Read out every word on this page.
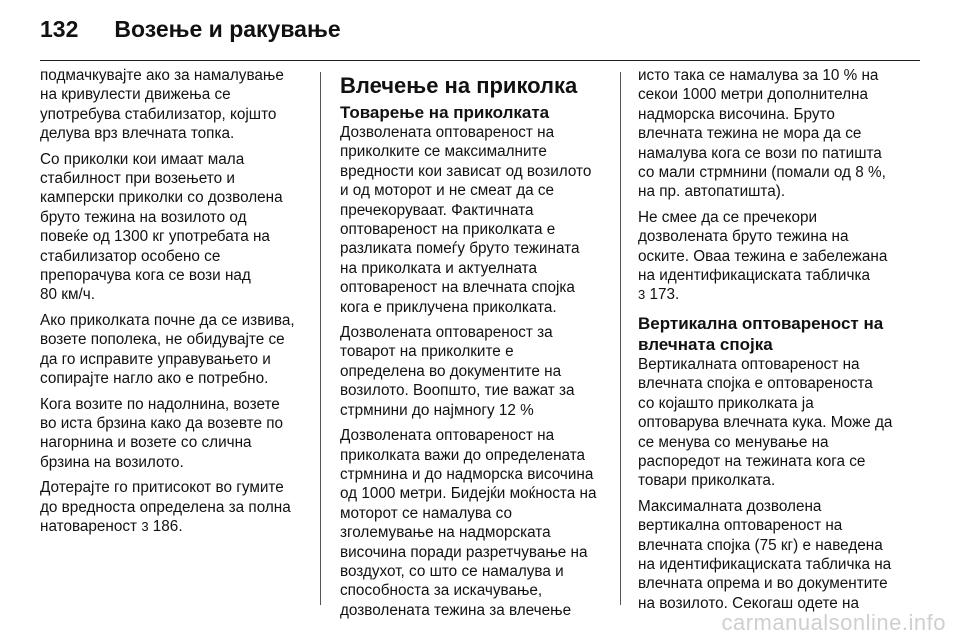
132 Возење и ракување

подмачкувајте ако за намалување
на кривулести движења се
употребува стабилизатор, којшто
делува врз влечната топка.

Со приколки кои имаат мала
стабилност при возењето и
камперски приколки со дозволена
бруто тежина на возилото од
повеќе од 1300 кг употребата на
стабилизатор особено се
препорачува кога се вози над
80 км/ч.

Ако приколката почне да се извива,
возете пополека, не обидувајте се
да го исправите управувањето и
сопирајте нагло ако е потребно.

Кога возите по надолнина, возете
во иста брзина како да возевте по
нагорнина и возете со слична
брзина на возилото.

Дотерајте го притисокот во гумите
до вредноста определена за полна
натовареност 3 186.

Влечење на приколка
Товарење на приколката

Дозволената оптовареност на
приколките се максималните
вредности кои зависат од возилото
и од моторот и не смеат да се
пречекоруваат. Фактичната
оптовареност на приколката е
разликата помеѓу бруто тежината
на приколката и актуелната
оптовареност на влечната спојка
кога е приклучена приколката.

Дозволената оптовареност за
товарот на приколките е
определена во документите на
возилото. Воопшто, тие важат за
стрмнини до најмногу 12 %

Дозволената оптовареност на
приколката важи до определената
стрмнина и до надморска височина
од 1000 метри. Бидејќи моќноста на
моторот се намалува со
зголемување на надморската
височина поради разретчување на
воздухот, со што се намалува и
способноста за искачување,
дозволената тежина за влечење

исто така се намалува за 10 % на
секои 1000 метри дополнителна
надморска височина. Бруто
влечната тежина не мора да се
намалува кога се вози по патишта
со мали стрмнини (помали од 8 %,
на пр. автопатишта).

Не смее да се пречекори
дозволената бруто тежина на
оските. Оваа тежина е забележана
на идентификациската табличка
3 173.

Вертикална оптовареност на
влечната спојка

Вертикалната оптовареност на
влечната спојка е оптовареноста
со којашто приколката ја
оптоварува влечната кука. Може да
се менува со менување на
распоредот на тежината кога се
товари приколката.

Максималната дозволена
вертикална оптовареност на
влечната спојка (75 кг) е наведена
на идентификациската табличка на
влечната опрема и во документите
на возилото. Секогаш одете на

carmanualsonline.info
